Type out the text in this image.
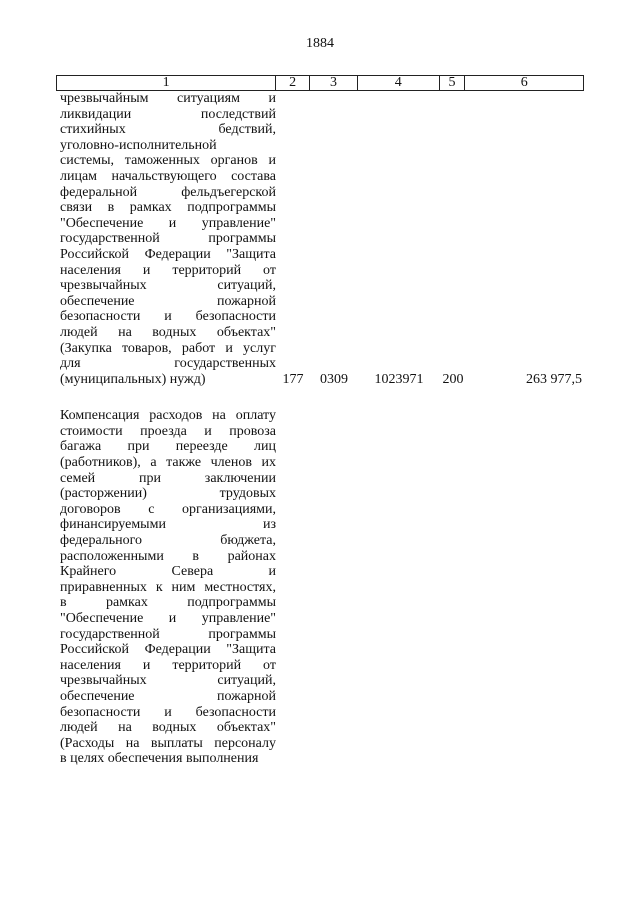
1884
1	2	3	4	5	6
чрезвычайным ситуациям и
ликвидации последствий
стихийных бедствий,
уголовно-исполнительной
системы, таможенных органов и
лицам начальствующего состава
федеральной фельдъегерской
связи в рамках подпрограммы
"Обеспечение и управление"
государственной программы
Российской Федерации "Защита
населения и территорий от
чрезвычайных ситуаций,
обеспечение пожарной
безопасности и безопасности
людей на водных объектах"
(Закупка товаров, работ и услуг
для государственных
(муниципальных) нужд)	177	0309	1023971	200	263 977,5
Компенсация расходов на оплату
стоимости проезда и провоза
багажа при переезде лиц
(работников), а также членов их
семей при заключении
(расторжении) трудовых
договоров с организациями,
финансируемыми из
федерального бюджета,
расположенными в районах
Крайнего Севера и
приравненных к ним местностях,
в рамках подпрограммы
"Обеспечение и управление"
государственной программы
Российской Федерации "Защита
населения и территорий от
чрезвычайных ситуаций,
обеспечение пожарной
безопасности и безопасности
людей на водных объектах"
(Расходы на выплаты персоналу
в целях обеспечения выполнения
